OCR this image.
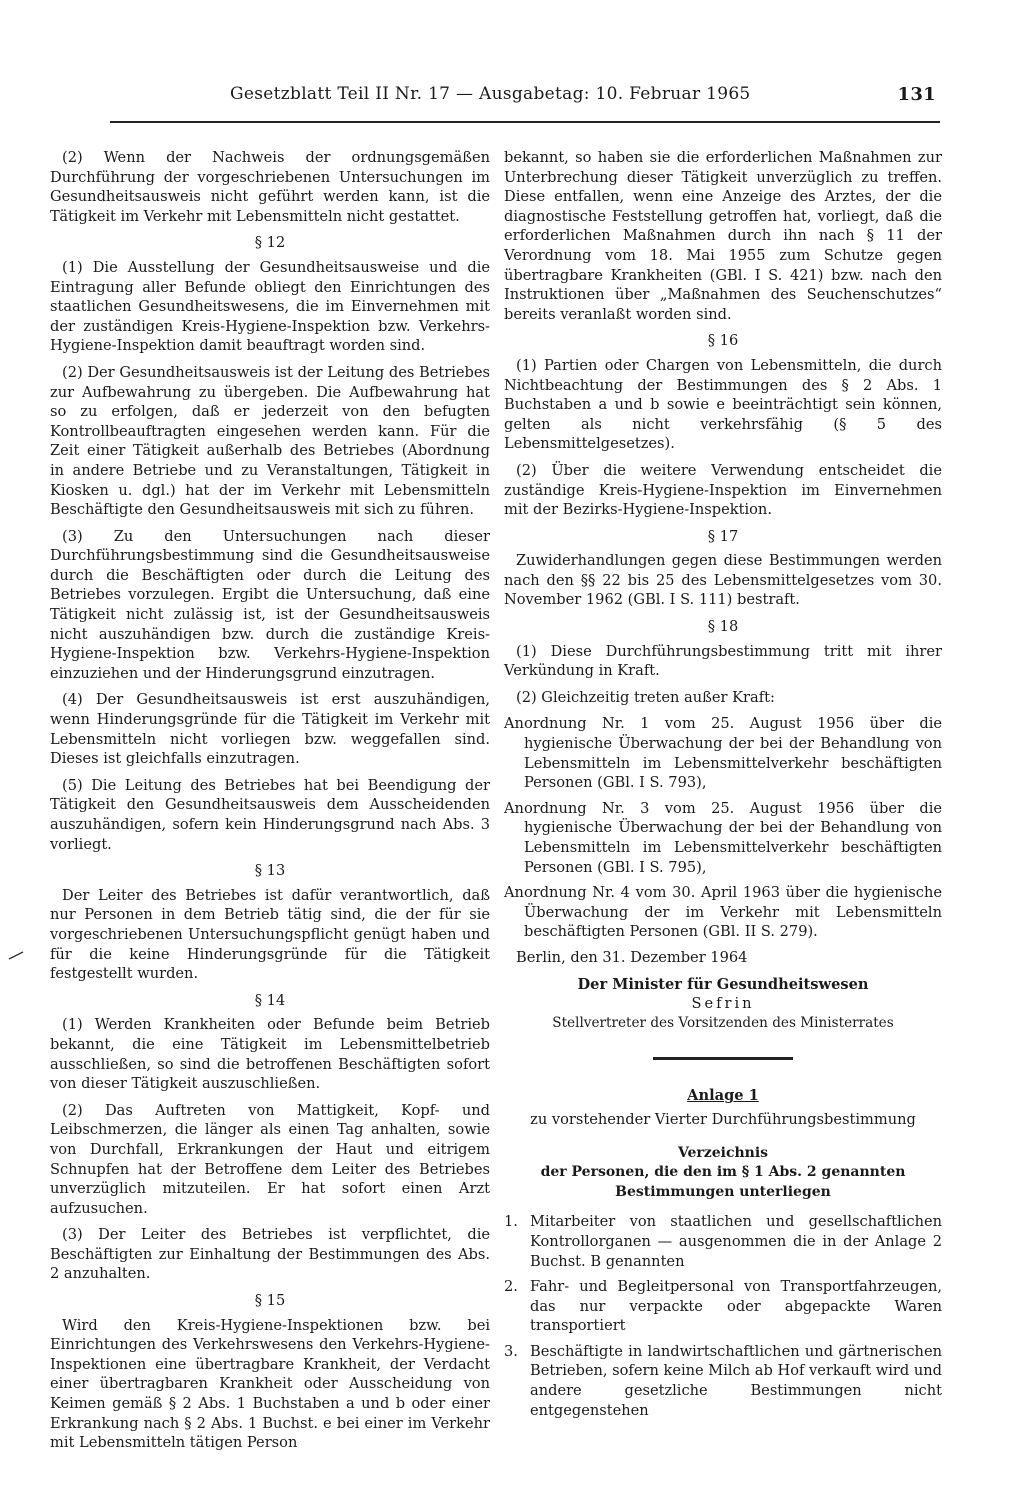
Gesetzblatt Teil II Nr. 17 — Ausgabetag: 10. Februar 1965	131

(2) Wenn der Nachweis der ordnungsgemäßen Durchführung der vorgeschriebenen Untersuchungen im Gesundheitsausweis nicht geführt werden kann, ist die Tätigkeit im Verkehr mit Lebensmitteln nicht gestattet.

§ 12

(1) Die Ausstellung der Gesundheitsausweise und die Eintragung aller Befunde obliegt den Einrichtungen des staatlichen Gesundheitswesens, die im Einvernehmen mit der zuständigen Kreis-Hygiene-Inspektion bzw. Verkehrs-Hygiene-Inspektion damit beauftragt worden sind.

(2) Der Gesundheitsausweis ist der Leitung des Betriebes zur Aufbewahrung zu übergeben. Die Aufbewahrung hat so zu erfolgen, daß er jederzeit von den befugten Kontrollbeauftragten eingesehen werden kann. Für die Zeit einer Tätigkeit außerhalb des Betriebes (Abordnung in andere Betriebe und zu Veranstaltungen, Tätigkeit in Kiosken u. dgl.) hat der im Verkehr mit Lebensmitteln Beschäftigte den Gesundheitsausweis mit sich zu führen.

(3) Zu den Untersuchungen nach dieser Durchführungsbestimmung sind die Gesundheitsausweise durch die Beschäftigten oder durch die Leitung des Betriebes vorzulegen. Ergibt die Untersuchung, daß eine Tätigkeit nicht zulässig ist, ist der Gesundheitsausweis nicht auszuhändigen bzw. durch die zuständige Kreis-Hygiene-Inspektion bzw. Verkehrs-Hygiene-Inspektion einzuziehen und der Hinderungsgrund einzutragen.

(4) Der Gesundheitsausweis ist erst auszuhändigen, wenn Hinderungsgründe für die Tätigkeit im Verkehr mit Lebensmitteln nicht vorliegen bzw. weggefallen sind. Dieses ist gleichfalls einzutragen.

(5) Die Leitung des Betriebes hat bei Beendigung der Tätigkeit den Gesundheitsausweis dem Ausscheidenden auszuhändigen, sofern kein Hinderungsgrund nach Abs. 3 vorliegt.

§ 13

Der Leiter des Betriebes ist dafür verantwortlich, daß nur Personen in dem Betrieb tätig sind, die der für sie vorgeschriebenen Untersuchungspflicht genügt haben und für die keine Hinderungsgründe für die Tätigkeit festgestellt wurden.

§ 14

(1) Werden Krankheiten oder Befunde beim Betrieb bekannt, die eine Tätigkeit im Lebensmittelbetrieb ausschließen, so sind die betroffenen Beschäftigten sofort von dieser Tätigkeit auszuschließen.

(2) Das Auftreten von Mattigkeit, Kopf- und Leibschmerzen, die länger als einen Tag anhalten, sowie von Durchfall, Erkrankungen der Haut und eitrigem Schnupfen hat der Betroffene dem Leiter des Betriebes unverzüglich mitzuteilen. Er hat sofort einen Arzt aufzusuchen.

(3) Der Leiter des Betriebes ist verpflichtet, die Beschäftigten zur Einhaltung der Bestimmungen des Abs. 2 anzuhalten.

§ 15

Wird den Kreis-Hygiene-Inspektionen bzw. bei Einrichtungen des Verkehrswesens den Verkehrs-Hygiene-Inspektionen eine übertragbare Krankheit, der Verdacht einer übertragbaren Krankheit oder Ausscheidung von Keimen gemäß § 2 Abs. 1 Buchstaben a und b oder einer Erkrankung nach § 2 Abs. 1 Buchst. e bei einer im Verkehr mit Lebensmitteln tätigen Person

bekannt, so haben sie die erforderlichen Maßnahmen zur Unterbrechung dieser Tätigkeit unverzüglich zu treffen. Diese entfallen, wenn eine Anzeige des Arztes, der die diagnostische Feststellung getroffen hat, vorliegt, daß die erforderlichen Maßnahmen durch ihn nach § 11 der Verordnung vom 18. Mai 1955 zum Schutze gegen übertragbare Krankheiten (GBl. I S. 421) bzw. nach den Instruktionen über „Maßnahmen des Seuchenschutzes“ bereits veranlaßt worden sind.

§ 16

(1) Partien oder Chargen von Lebensmitteln, die durch Nichtbeachtung der Bestimmungen des § 2 Abs. 1 Buchstaben a und b sowie e beeinträchtigt sein können, gelten als nicht verkehrsfähig (§ 5 des Lebensmittelgesetzes).

(2) Über die weitere Verwendung entscheidet die zuständige Kreis-Hygiene-Inspektion im Einvernehmen mit der Bezirks-Hygiene-Inspektion.

§ 17

Zuwiderhandlungen gegen diese Bestimmungen werden nach den §§ 22 bis 25 des Lebensmittelgesetzes vom 30. November 1962 (GBl. I S. 111) bestraft.

§ 18

(1) Diese Durchführungsbestimmung tritt mit ihrer Verkündung in Kraft.

(2) Gleichzeitig treten außer Kraft:

Anordnung Nr. 1 vom 25. August 1956 über die hygienische Überwachung der bei der Behandlung von Lebensmitteln im Lebensmittelverkehr beschäftigten Personen (GBl. I S. 793),

Anordnung Nr. 3 vom 25. August 1956 über die hygienische Überwachung der bei der Behandlung von Lebensmitteln im Lebensmittelverkehr beschäftigten Personen (GBl. I S. 795),

Anordnung Nr. 4 vom 30. April 1963 über die hygienische Überwachung der im Verkehr mit Lebensmitteln beschäftigten Personen (GBl. II S. 279).

Berlin, den 31. Dezember 1964

Der Minister für Gesundheitswesen
Sefrin
Stellvertreter des Vorsitzenden des Ministerrates
Anlage 1
zu vorstehender Vierter Durchführungsbestimmung
Verzeichnis
der Personen, die den im § 1 Abs. 2 genannten
Bestimmungen unterliegen
1. Mitarbeiter von staatlichen und gesellschaftlichen Kontrollorganen — ausgenommen die in der Anlage 2 Buchst. B genannten
2. Fahr- und Begleitpersonal von Transportfahrzeugen, das nur verpackte oder abgepackte Waren transportiert
3. Beschäftigte in landwirtschaftlichen und gärtnerischen Betrieben, sofern keine Milch ab Hof verkauft wird und andere gesetzliche Bestimmungen nicht entgegenstehen
